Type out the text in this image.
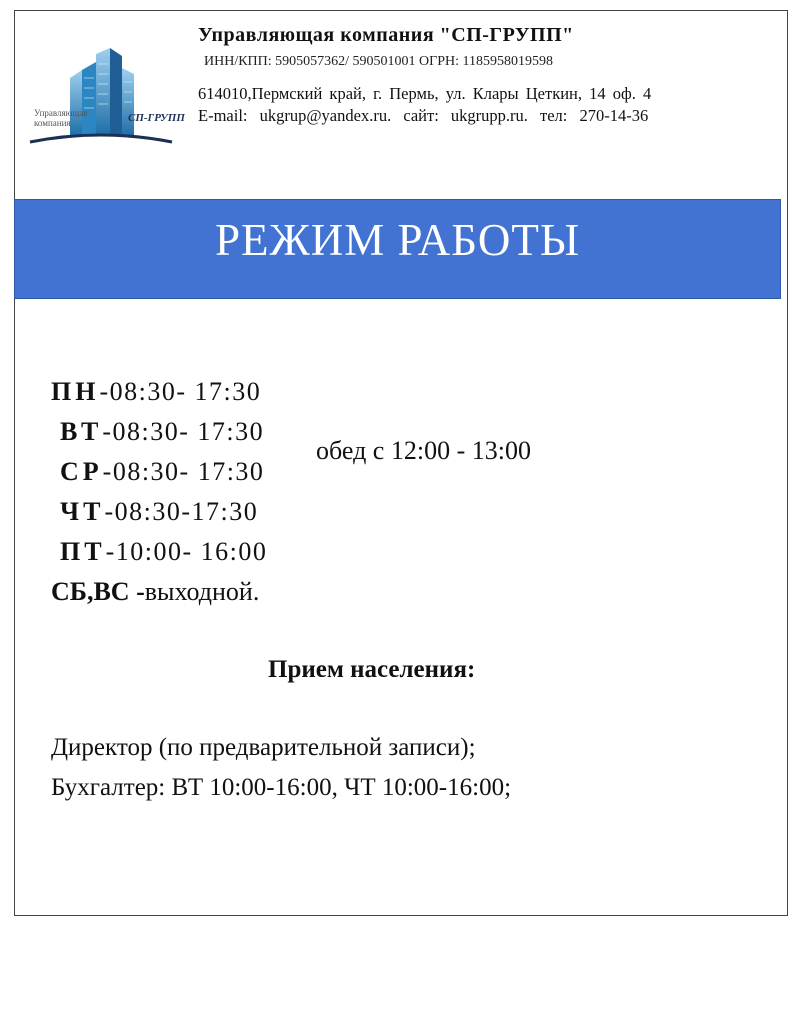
Управляющая компания	СП-ГРУПП
Управляющая компания "СП-ГРУПП"
ИНН/КПП: 5905057362/ 590501001 ОГРН: 1185958019598
614010,Пермский край, г. Пермь, ул. Клары Цеткин, 14 оф. 4
E-mail: ukgrup@yandex.ru. сайт: ukgrupp.ru. тел: 270-14-36
РЕЖИМ РАБОТЫ
ПН-08:30- 17:30
ВТ-08:30- 17:30
СР-08:30- 17:30
ЧТ-08:30-17:30
ПТ-10:00- 16:00
СБ,ВС -выходной.
обед с 12:00 - 13:00
Прием населения:
Директор (по предварительной записи);
Бухгалтер: ВТ 10:00-16:00, ЧТ 10:00-16:00;
